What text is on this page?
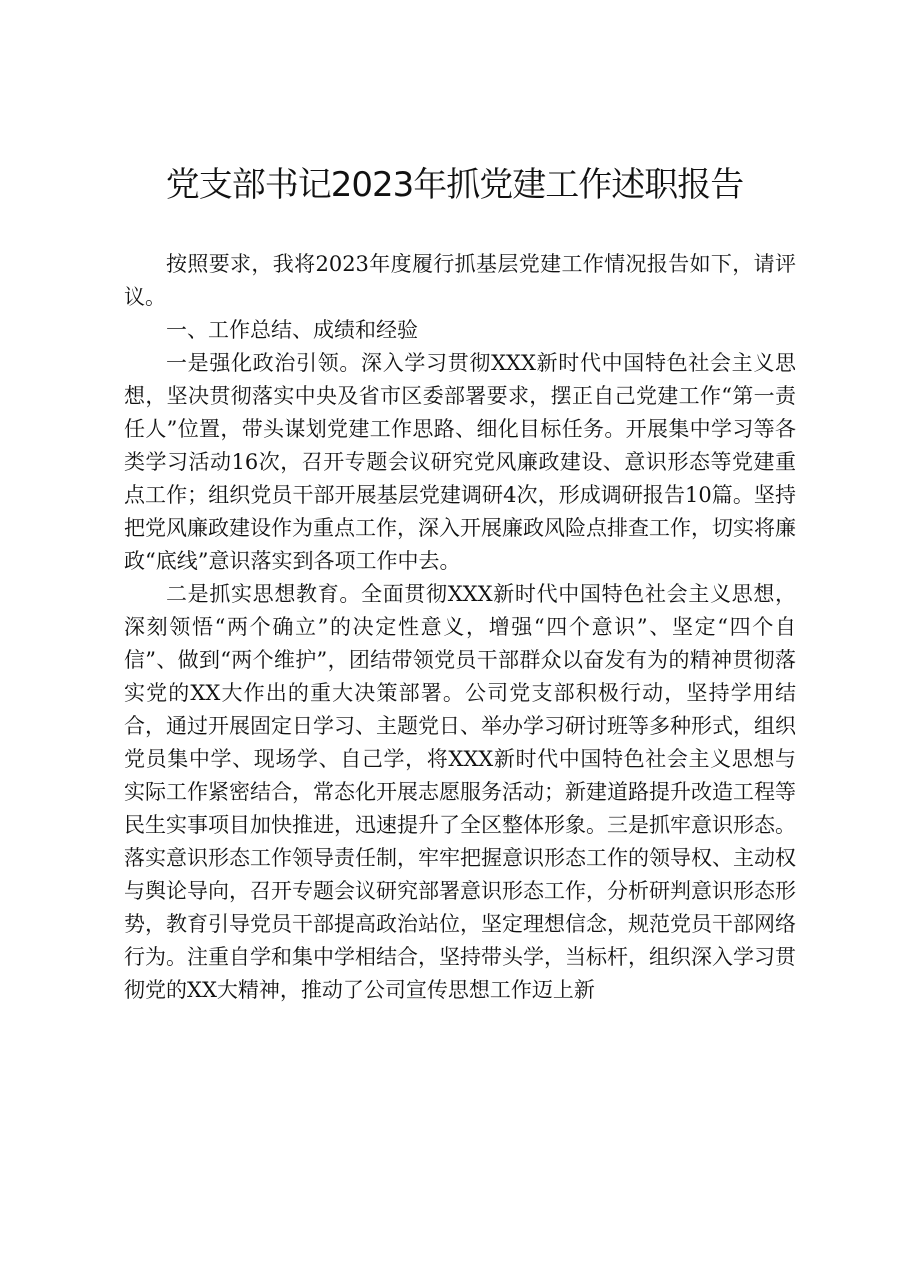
党支部书记2023年抓党建工作述职报告

按照要求，我将2023年度履行抓基层党建工作情况报告如下，请评议。

一、工作总结、成绩和经验

一是强化政治引领。深入学习贯彻XXX新时代中国特色社会主义思想，坚决贯彻落实中央及省市区委部署要求，摆正自己党建工作“第一责任人”位置，带头谋划党建工作思路、细化目标任务。开展集中学习等各类学习活动16次，召开专题会议研究党风廉政建设、意识形态等党建重点工作；组织党员干部开展基层党建调研4次，形成调研报告10篇。坚持把党风廉政建设作为重点工作，深入开展廉政风险点排查工作，切实将廉政“底线”意识落实到各项工作中去。

二是抓实思想教育。全面贯彻XXX新时代中国特色社会主义思想，深刻领悟“两个确立”的决定性意义，增强“四个意识”、坚定“四个自信”、做到“两个维护”，团结带领党员干部群众以奋发有为的精神贯彻落实党的XX大作出的重大决策部署。公司党支部积极行动，坚持学用结合，通过开展固定日学习、主题党日、举办学习研讨班等多种形式，组织党员集中学、现场学、自己学，将XXX新时代中国特色社会主义思想与实际工作紧密结合，常态化开展志愿服务活动；新建道路提升改造工程等民生实事项目加快推进，迅速提升了全区整体形象。三是抓牢意识形态。落实意识形态工作领导责任制，牢牢把握意识形态工作的领导权、主动权与舆论导向，召开专题会议研究部署意识形态工作，分析研判意识形态形势，教育引导党员干部提高政治站位，坚定理想信念，规范党员干部网络行为。注重自学和集中学相结合，坚持带头学，当标杆，组织深入学习贯彻党的XX大精神，推动了公司宣传思想工作迈上新
